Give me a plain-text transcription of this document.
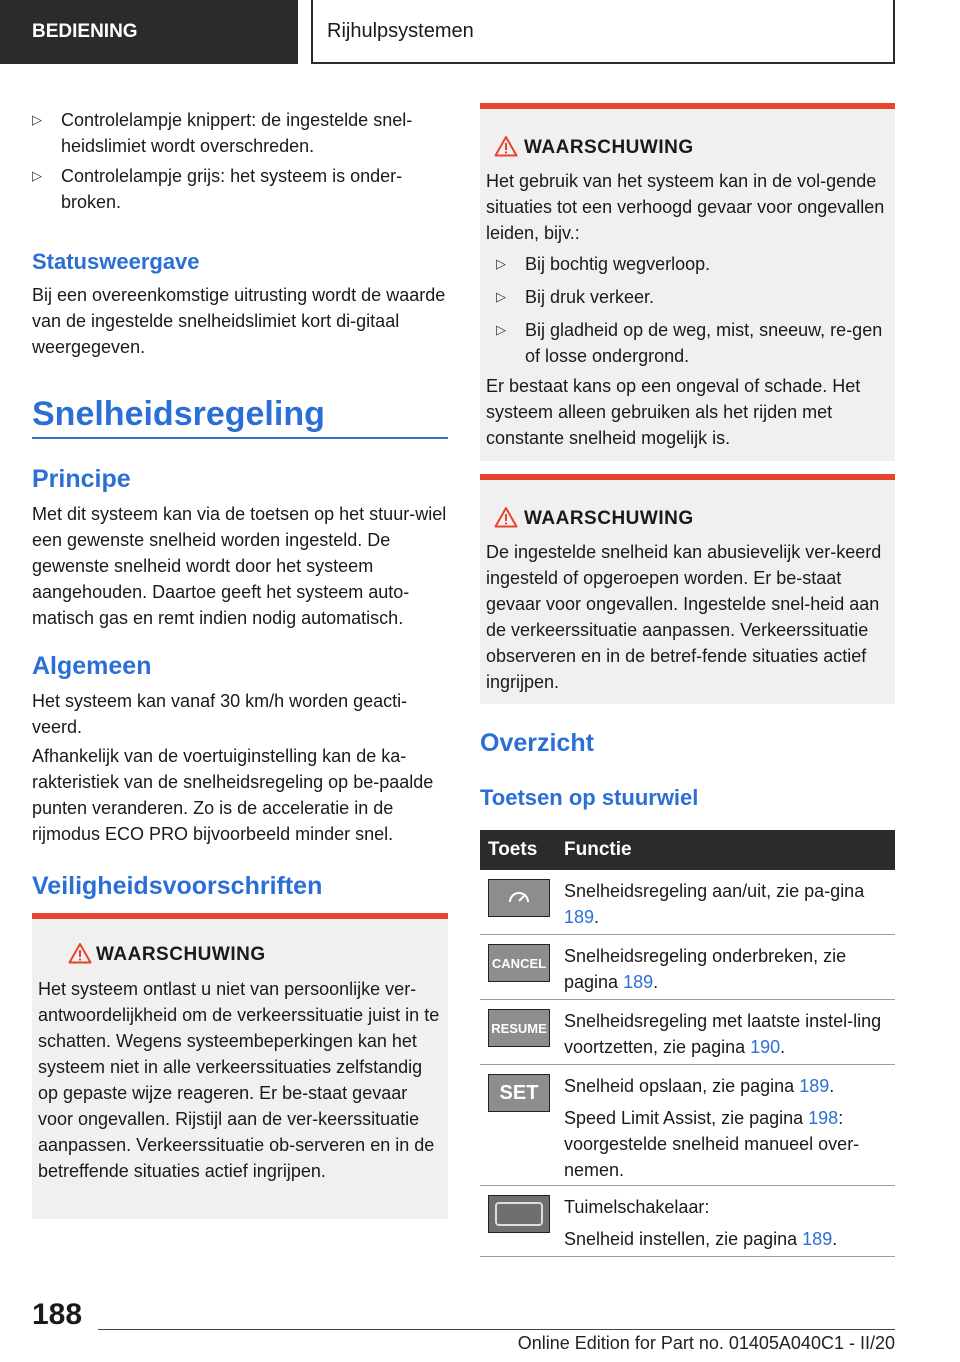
BEDIENING	Rijhulpsystemen
▷ Controlelampje knippert: de ingestelde snel-heidslimiet wordt overschreden.
▷ Controlelampje grijs: het systeem is onder-broken.
Statusweergave

Bij een overeenkomstige uitrusting wordt de waarde van de ingestelde snelheidslimiet kort di-gitaal weergegeven.

Snelheidsregeling
Principe

Met dit systeem kan via de toetsen op het stuur-wiel een gewenste snelheid worden ingesteld. De gewenste snelheid wordt door het systeem aangehouden. Daartoe geeft het systeem auto-matisch gas en remt indien nodig automatisch.

Algemeen

Het systeem kan vanaf 30 km/h worden geacti-veerd.

Afhankelijk van de voertuiginstelling kan de ka-rakteristiek van de snelheidsregeling op be-paalde punten veranderen. Zo is de acceleratie in de rijmodus ECO PRO bijvoorbeeld minder snel.

Veiligheidsvoorschriften
WAARSCHUWING

Het systeem ontlast u niet van persoonlijke ver-antwoordelijkheid om de verkeerssituatie juist in te schatten. Wegens systeembeperkingen kan het systeem niet in alle verkeerssituaties zelfstandig op gepaste wijze reageren. Er be-staat gevaar voor ongevallen. Rijstijl aan de ver-keerssituatie aanpassen. Verkeerssituatie ob-serveren en in de betreffende situaties actief ingrijpen.

WAARSCHUWING

Het gebruik van het systeem kan in de vol-gende situaties tot een verhoogd gevaar voor ongevallen leiden, bijv.:

▷ Bij bochtig wegverloop.
▷ Bij druk verkeer.
▷ Bij gladheid op de weg, mist, sneeuw, re-gen of losse ondergrond.

Er bestaat kans op een ongeval of schade. Het systeem alleen gebruiken als het rijden met constante snelheid mogelijk is.

WAARSCHUWING

De ingestelde snelheid kan abusievelijk ver-keerd ingesteld of opgeroepen worden. Er be-staat gevaar voor ongevallen. Ingestelde snel-heid aan de verkeerssituatie aanpassen. Verkeerssituatie observeren en in de betref-fende situaties actief ingrijpen.

Overzicht
Toetsen op stuurwiel
Toets Functie
Snelheidsregeling aan/uit, zie pa-gina 189.
CANCEL Snelheidsregeling onderbreken, zie pagina 189.
RESUME Snelheidsregeling met laatste instel-ling voortzetten, zie pagina 190.
SET	Snelheid opslaan, zie pagina 189.
Speed Limit Assist, zie pagina 198: voorgestelde snelheid manueel over-nemen.
Tuimelschakelaar:
Snelheid instellen, zie pagina 189.
188
Online Edition for Part no. 01405A040C1 - II/20
